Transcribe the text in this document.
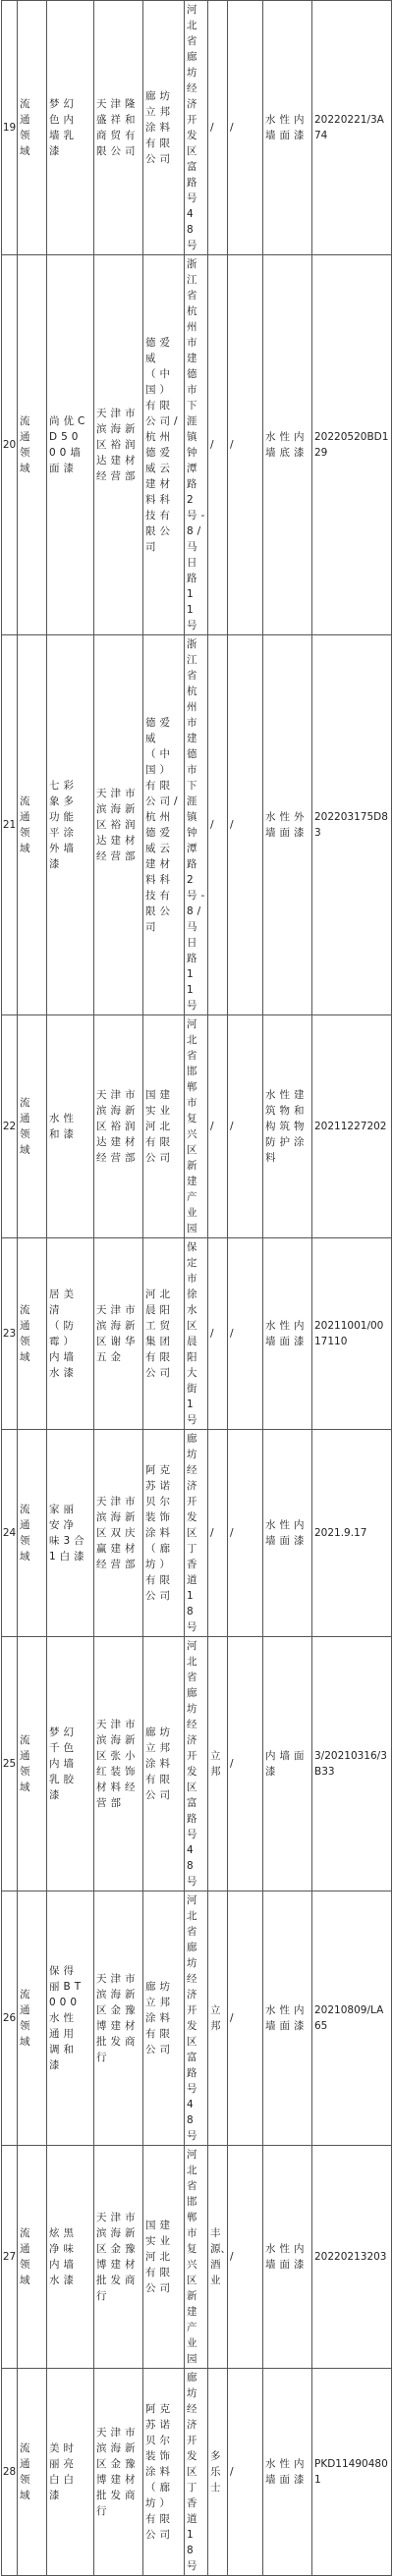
19	流通领域	梦幻色内墙乳漆	天津隆盛祥和商贸有限公司	廊坊立邦涂料有限公司	河北省廊坊经济开发区富路号48号	/	/	水性内墙面漆	20220221/3A74
20	流通领域	尚优CD5000墙面漆	天津市滨海新区裕润达建材经营部	德爱威（中国）有限公司/杭州德爱威云建材料科技有限公司	浙江省杭州市建德市下涯镇钟潭路2号-8/马日路11号	/	/	水性内墙底漆	20220520BD129
21	流通领域	七彩象多功能平涂外墙漆	天津市滨海新区裕润达建材经营部	德爱威（中国）有限公司/杭州德爱威云建材料科技有限公司	浙江省杭州市建德市下涯镇钟潭路2号-8/马日路11号	/	/	水性外墙面漆	202203175D83
22	流通领域	水性和漆	天津市滨海新区裕润达建材经营部	国建实业河北有限公司	河北省邯郸市复兴区新建产业园	/	/	水性建筑物和构筑物防护涂料	20211227202
23	流通领域	居美清（防霉）内墙水漆	天津市滨海新区谢华五金	河北晨阳工贸集团有限公司	保定市徐水区晨阳大街1号	/	/	水性内墙面漆	20211001/0017110
24	流通领域	家丽安净味3合1白漆	天津市滨海新区双庆赢建材经营部	阿克苏诺贝尔装饰涂料（廊坊）有限公司	廊坊经济开发区丁香道18号	/	/	水性内墙面漆	2021.9.17
25	流通领域	梦幻千色内墙乳胶漆	天津市滨海新区张小红装饰材料经营部	廊坊立邦涂料有限公司	河北省廊坊经济开发区富路号48号	立邦	/	内墙面漆	3/20210316/3B33
26	流通领域	保得丽BT000水性通用调和漆	天津市滨海新区金豫博建材批发商行	廊坊立邦涂料有限公司	河北省廊坊经济开发区富路号48号	立邦	/	水性内墙面漆	20210809/LA65
27	流通领域	炫黑净味内墙水漆	天津市滨海新区金豫博建材批发商行	国建实业河北有限公司	河北省邯郸市复兴区新建产业园	丰源、酒业	/	水性内墙面漆	20220213203
28	流通领域	美时丽亮白白漆	天津市滨海新区金豫博建材批发商行	阿克苏诺贝尔装饰涂料（廊坊）有限公司	廊坊经济开发区丁香道18号	多乐士	/	水性内墙面漆	PKD114904801
